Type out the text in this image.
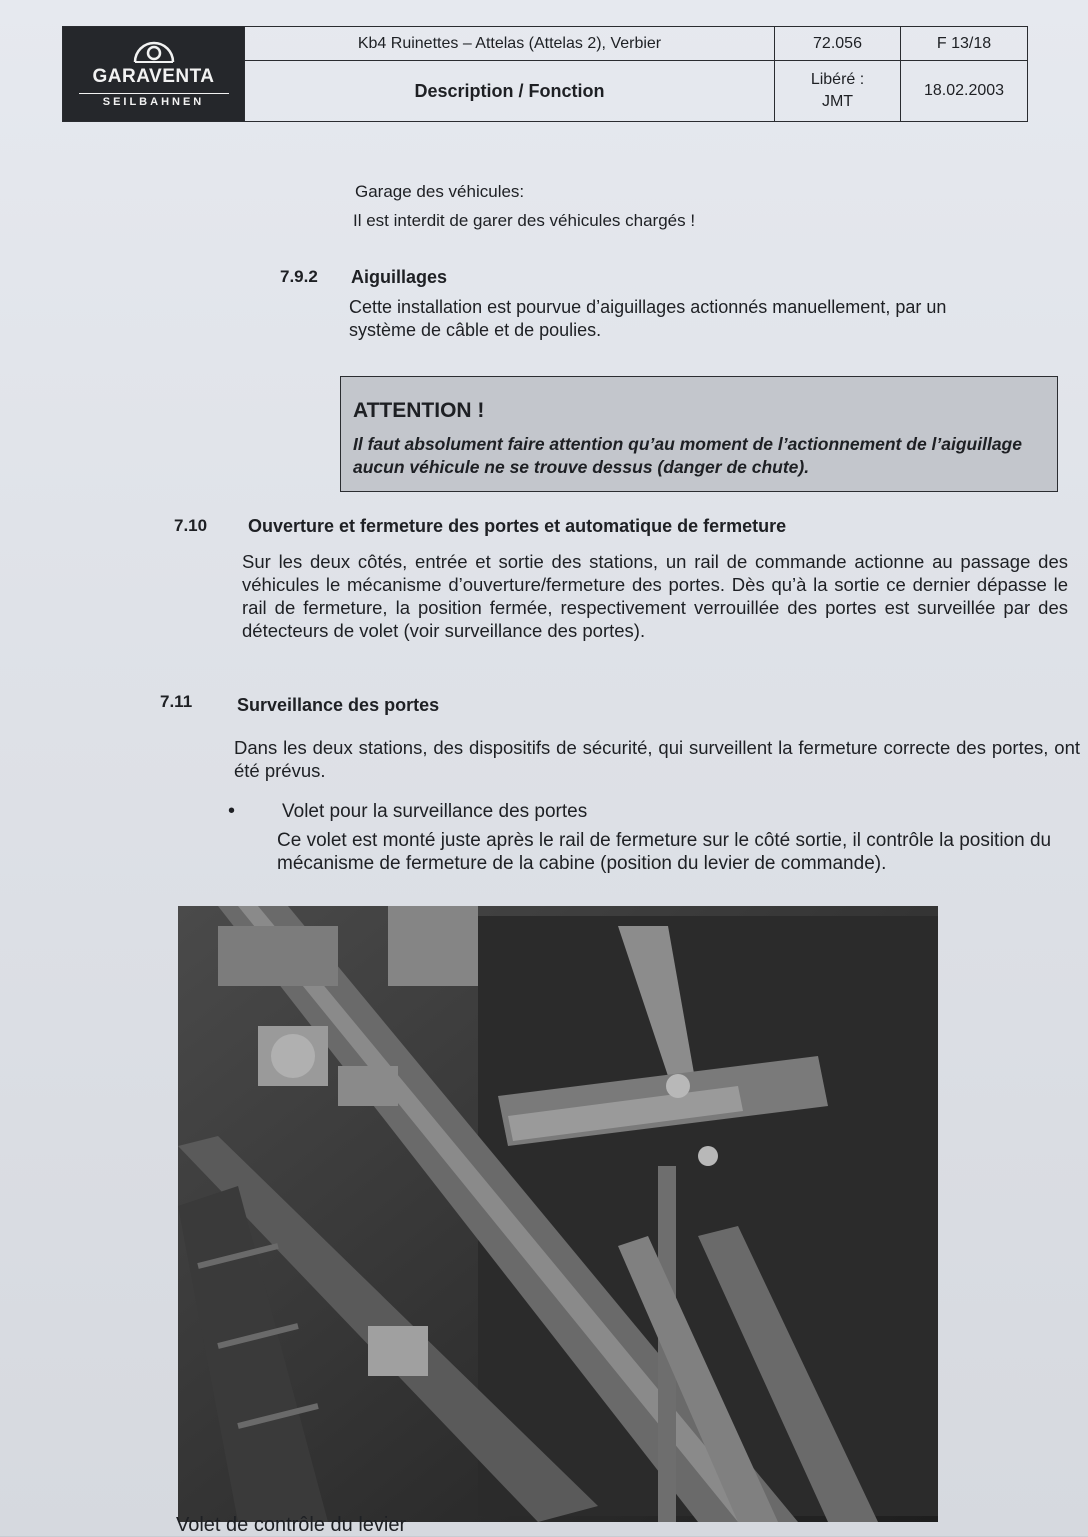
GARAVENTA
SEILBAHNEN
Kb4 Ruinettes – Attelas (Attelas 2), Verbier	72.056	F 13/18
Description / Fonction
Libéré :
JMT
18.02.2003
Garage des véhicules:
Il est interdit de garer des véhicules chargés !
7.9.2 Aiguillages
Cette installation est pourvue d’aiguillages actionnés manuellement, par un
système de câble et de poulies.
ATTENTION !
Il faut absolument faire attention qu’au moment de l’actionnement de l’aiguillage aucun véhicule ne se trouve dessus (danger de chute).
7.10 Ouverture et fermeture des portes et automatique de fermeture
Sur les deux côtés, entrée et sortie des stations, un rail de commande actionne au passage des véhicules le mécanisme d’ouverture/fermeture des portes. Dès qu’à la sortie ce dernier dépasse le rail de fermeture, la position fermée, respectivement verrouillée des portes est surveillée par des détecteurs de volet (voir surveillance des portes).
7.11 Surveillance des portes
Dans les deux stations, des dispositifs de sécurité, qui surveillent la fermeture correcte des portes, ont été prévus.
• Volet pour la surveillance des portes
Ce volet est monté juste après le rail de fermeture sur le côté sortie, il contrôle la position du mécanisme de fermeture de la cabine (position du levier de commande).
Volet de contrôle du levier
